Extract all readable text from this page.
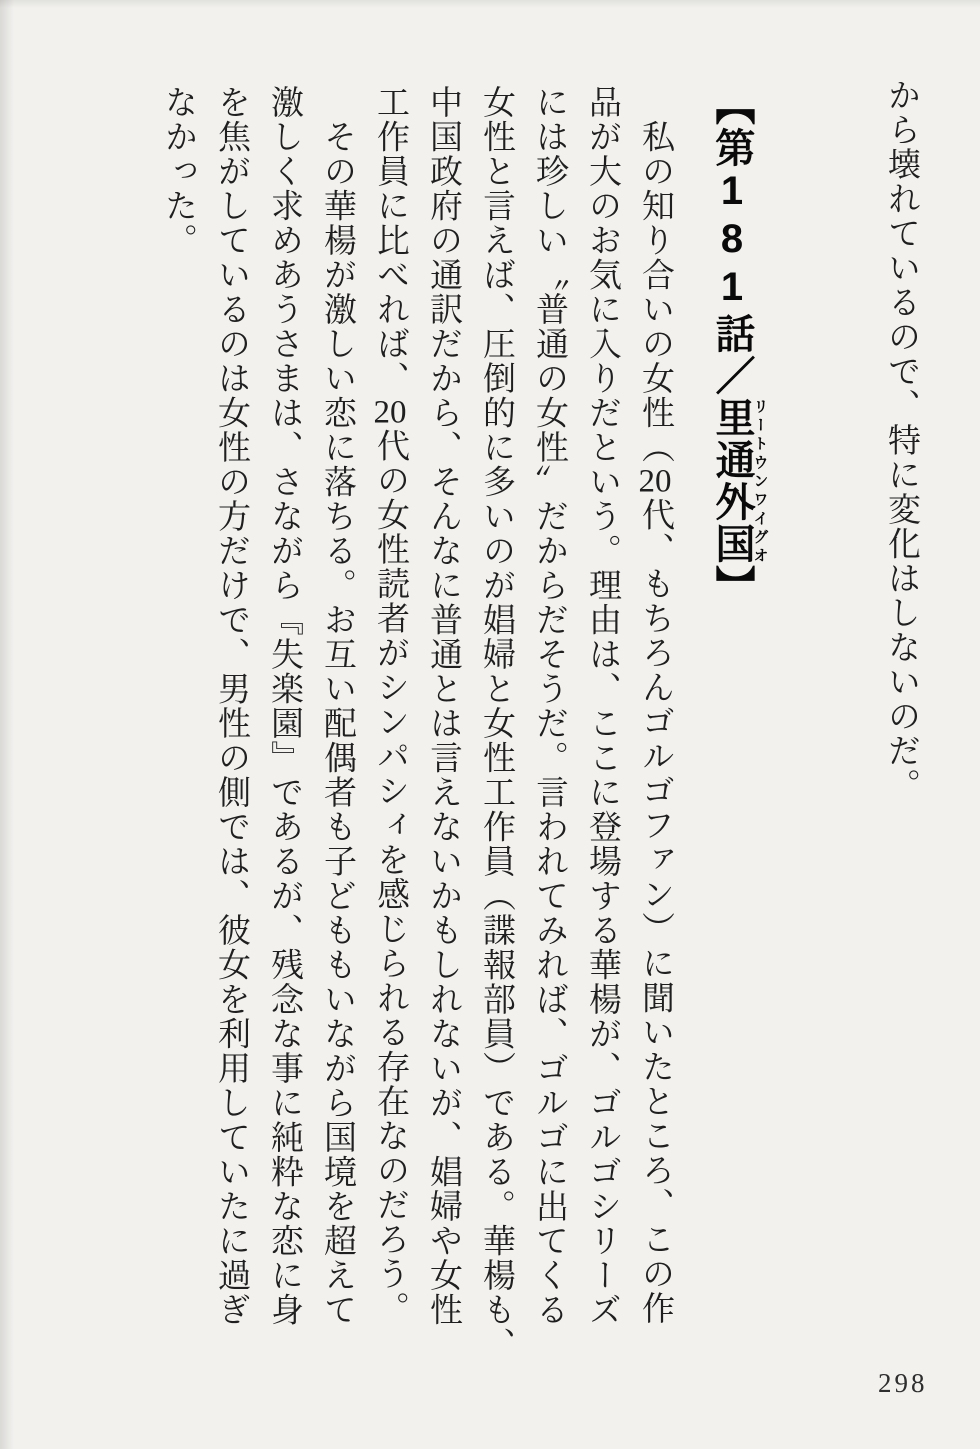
から壊れているので、特に変化はしないのだ。
【第181話／里通外国リートウンワイグオ】
　私の知り合いの女性（20代、もちろんゴルゴファン）に聞いたところ、この作
品が大のお気に入りだという。理由は、ここに登場する華楊が、ゴルゴシリーズ
には珍しい〝普通の女性〟だからだそうだ。言われてみれば、ゴルゴに出てくる
女性と言えば、圧倒的に多いのが娼婦と女性工作員（諜報部員）である。華楊も、
中国政府の通訳だから、そんなに普通とは言えないかもしれないが、娼婦や女性
工作員に比べれば、20代の女性読者がシンパシィを感じられる存在なのだろう。
　その華楊が激しい恋に落ちる。お互い配偶者も子どももいながら国境を超えて
激しく求めあうさまは、さながら『失楽園』であるが、残念な事に純粋な恋に身
を焦がしているのは女性の方だけで、男性の側では、彼女を利用していたに過ぎ
なかった。
298
